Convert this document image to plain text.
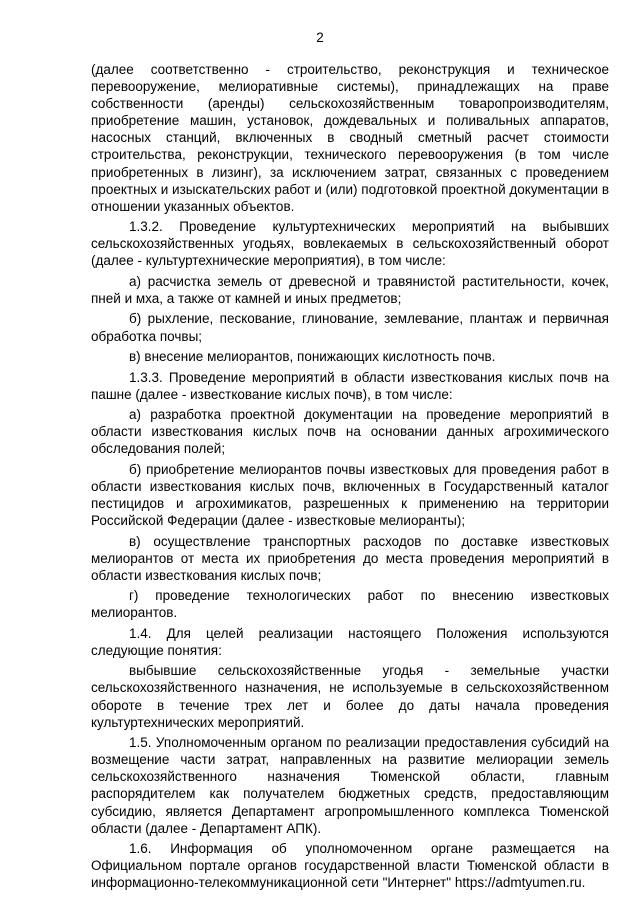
2

(далее соответственно - строительство, реконструкция и техническое перевооружение, мелиоративные системы), принадлежащих на праве собственности (аренды) сельскохозяйственным товаропроизводителям, приобретение машин, установок, дождевальных и поливальных аппаратов, насосных станций, включенных в сводный сметный расчет стоимости строительства, реконструкции, технического перевооружения (в том числе приобретенных в лизинг), за исключением затрат, связанных с проведением проектных и изыскательских работ и (или) подготовкой проектной документации в отношении указанных объектов.

1.3.2. Проведение культуртехнических мероприятий на выбывших сельскохозяйственных угодьях, вовлекаемых в сельскохозяйственный оборот (далее - культуртехнические мероприятия), в том числе:

а) расчистка земель от древесной и травянистой растительности, кочек, пней и мха, а также от камней и иных предметов;

б) рыхление, пескование, глинование, землевание, плантаж и первичная обработка почвы;

в) внесение мелиорантов, понижающих кислотность почв.

1.3.3. Проведение мероприятий в области известкования кислых почв на пашне (далее - известкование кислых почв), в том числе:

а) разработка проектной документации на проведение мероприятий в области известкования кислых почв на основании данных агрохимического обследования полей;

б) приобретение мелиорантов почвы известковых для проведения работ в области известкования кислых почв, включенных в Государственный каталог пестицидов и агрохимикатов, разрешенных к применению на территории Российской Федерации (далее - известковые мелиоранты);

в) осуществление транспортных расходов по доставке известковых мелиорантов от места их приобретения до места проведения мероприятий в области известкования кислых почв;

г) проведение технологических работ по внесению известковых мелиорантов.

1.4. Для целей реализации настоящего Положения используются следующие понятия:

выбывшие сельскохозяйственные угодья - земельные участки сельскохозяйственного назначения, не используемые в сельскохозяйственном обороте в течение трех лет и более до даты начала проведения культуртехнических мероприятий.

1.5. Уполномоченным органом по реализации предоставления субсидий на возмещение части затрат, направленных на развитие мелиорации земель сельскохозяйственного назначения Тюменской области, главным распорядителем как получателем бюджетных средств, предоставляющим субсидию, является Департамент агропромышленного комплекса Тюменской области (далее - Департамент АПК).

1.6. Информация об уполномоченном органе размещается на Официальном портале органов государственной власти Тюменской области в информационно-телекоммуникационной сети "Интернет" https://admtyumen.ru.
